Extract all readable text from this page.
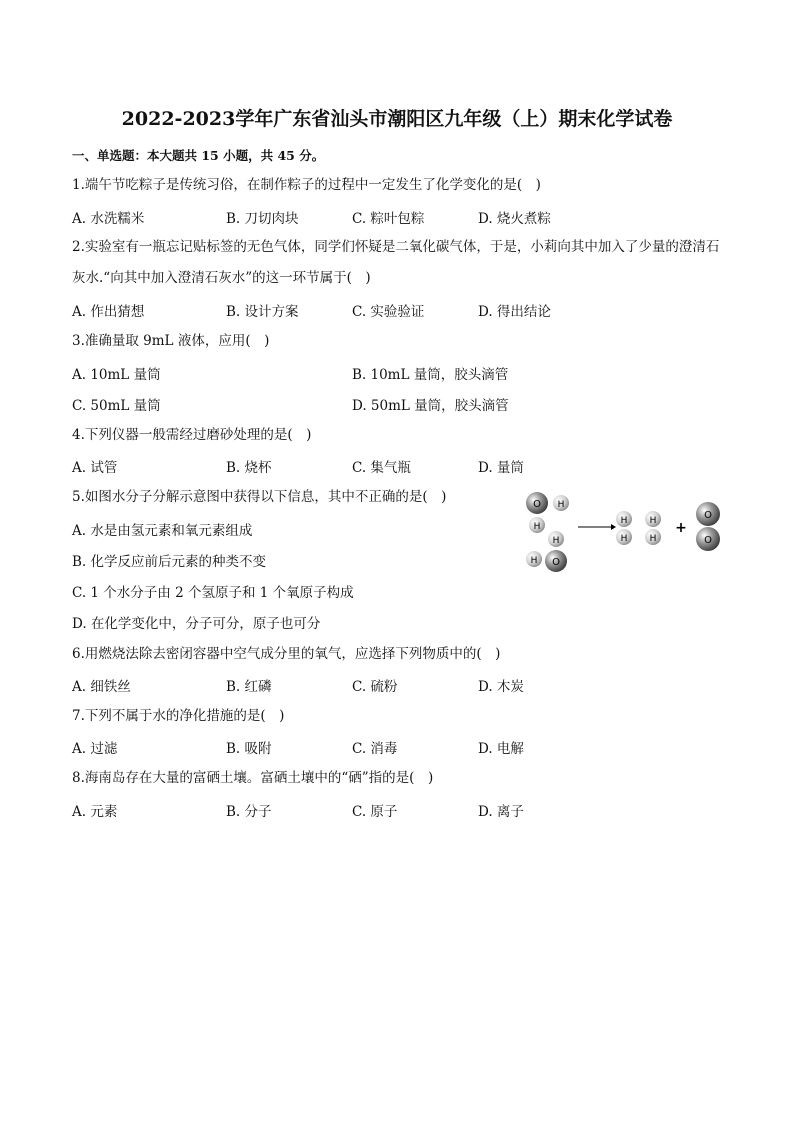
2022-2023学年广东省汕头市潮阳区九年级（上）期末化学试卷
一、单选题：本大题共 15 小题，共 45 分。
1.端午节吃粽子是传统习俗，在制作粽子的过程中一定发生了化学变化的是(　)
A. 水洗糯米	B. 刀切肉块	C. 粽叶包粽	D. 烧火煮粽
2.实验室有一瓶忘记贴标签的无色气体，同学们怀疑是二氧化碳气体，于是，小莉向其中加入了少量的澄清石灰水.“向其中加入澄清石灰水”的这一环节属于(　)
A. 作出猜想	B. 设计方案	C. 实验验证	D. 得出结论
3.准确量取 9mL 液体，应用(　)
A. 10mL 量筒	B. 10mL 量筒，胶头滴管
C. 50mL 量筒	D. 50mL 量筒，胶头滴管
4.下列仪器一般需经过磨砂处理的是(　)
A. 试管	B. 烧杯	C. 集气瓶	D. 量筒
5.如图水分子分解示意图中获得以下信息，其中不正确的是(　)
A. 水是由氢元素和氧元素组成
B. 化学反应前后元素的种类不变
C. 1 个水分子由 2 个氢原子和 1 个氧原子构成
D. 在化学变化中，分子可分，原子也可分
O H
H
H
H O
H
H
H
H
+
O
O
6.用燃烧法除去密闭容器中空气成分里的氧气，应选择下列物质中的(　)
A. 细铁丝	B. 红磷	C. 硫粉	D. 木炭
7.下列不属于水的净化措施的是(　)
A. 过滤	B. 吸附	C. 消毒	D. 电解
8.海南岛存在大量的富硒土壤。富硒土壤中的“硒”指的是(　)
A. 元素	B. 分子	C. 原子	D. 离子
